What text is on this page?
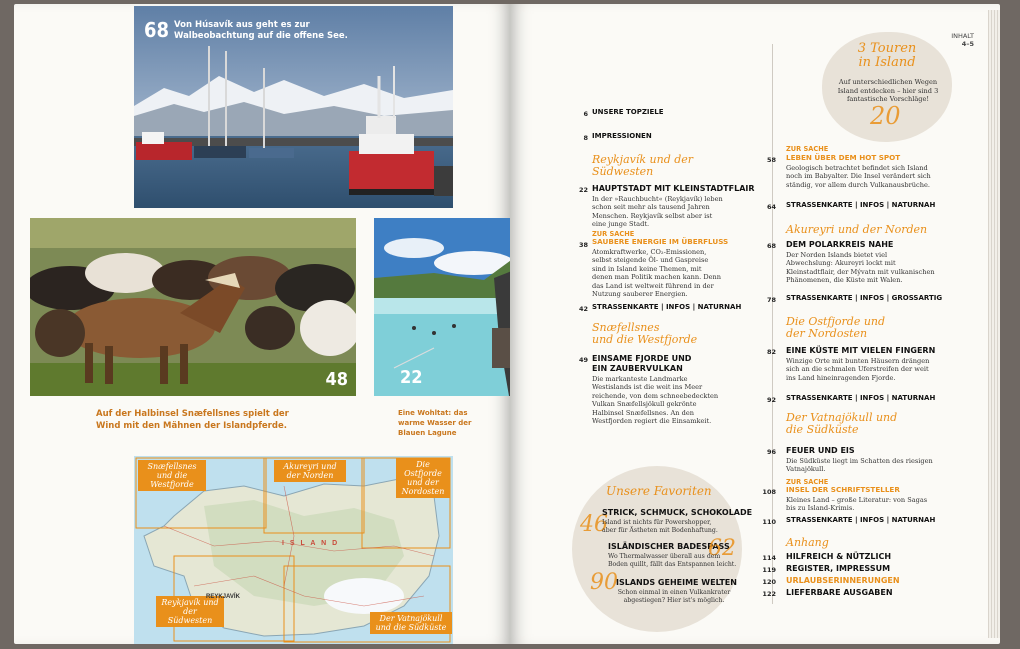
68 Von Húsavík aus geht es zur
Walbeobachtung auf die offene See.
48	22
Auf der Halbinsel Snæfellsnes spielt der
Wind mit den Mähnen der Islandpferde.
Eine Wohltat: das
warme Wasser der
Blauen Lagune
Snæfellsnes und die Westfjorde
Akureyri und der Norden
Die Ostfjorde und der Nordosten
Reykjavík und der Südwesten	Der Vatnajökull und die Südküste
REYKJAVÍK
I S L A N D
INHALT
4–5
3 Touren
in Island
Auf unterschiedlichen Wegen Island entdecken – hier sind 3 fantastische Vorschläge!
20
6 UNSERE TOPZIELE
8 IMPRESSIONEN
Reykjavík und der
Südwesten
22 HAUPTSTADT MIT KLEINSTADTFLAIR
In der »Rauchbucht« (Reykjavík) leben schon seit mehr als tausend Jahren Menschen. Reykjavík selbst aber ist eine junge Stadt.
ZUR SACHE
SAUBERE ENERGIE IM ÜBERFLUSS
38
Atomkraftwerke, CO₂-Emissionen, selbst steigende Öl- und Gaspreise sind in Island keine Themen, mit denen man Politik machen kann. Denn das Land ist weltweit führend in der Nutzung sauberer Energien.
42 STRASSENKARTE | INFOS | NATURNAH
Snæfellsnes
und die Westfjorde
49 EINSAME FJORDE UND
EIN ZAUBERVULKAN
Die markanteste Landmarke Westislands ist die weit ins Meer reichende, von dem schneebedeckten Vulkan Snæfellsjökull gekrönte Halbinsel Snæfellsnes. An den Westfjorden regiert die Einsamkeit.
Unsere Favoriten
46
STRICK, SCHMUCK, SCHOKOLADE
Island ist nichts für Powershopper,
aber für Ästheten mit Bodenhaftung.
ISLÄNDISCHER BADESPASS
62
Wo Thermalwasser überall aus dem
Boden quillt, fällt das Entspannen leicht.
90
ISLANDS GEHEIME WELTEN
Schon einmal in einen Vulkankrater
abgestiegen? Hier ist's möglich.
ZUR SACHE
58 LEBEN ÜBER DEM HOT SPOT
Geologisch betrachtet befindet sich Island noch im Babyalter. Die Insel verändert sich ständig, vor allem durch Vulkanausbrüche.
64 STRASSENKARTE | INFOS | NATURNAH
Akureyri und der Norden
68 DEM POLARKREIS NAHE
Der Norden Islands bietet viel Abwechslung: Akureyri lockt mit Kleinstadtflair, der Mývatn mit vulkanischen Phänomenen, die Küste mit Walen.
78 STRASSENKARTE | INFOS | GROSSARTIG
Die Ostfjorde und
der Nordosten
82 EINE KÜSTE MIT VIELEN FINGERN
Winzige Orte mit bunten Häusern drängen sich an die schmalen Uferstreifen der weit ins Land hineinragenden Fjorde.
92 STRASSENKARTE | INFOS | NATURNAH
Der Vatnajökull und
die Südküste
96 FEUER UND EIS
Die Südküste liegt im Schatten des riesigen Vatnajökull.
ZUR SACHE
108 INSEL DER SCHRIFTSTELLER
Kleines Land – große Literatur: von Sagas bis zu Island-Krimis.
110 STRASSENKARTE | INFOS | NATURNAH
Anhang
114 HILFREICH & NÜTZLICH
119 REGISTER, IMPRESSUM
120 URLAUBSERINNERUNGEN
122 LIEFERBARE AUSGABEN
